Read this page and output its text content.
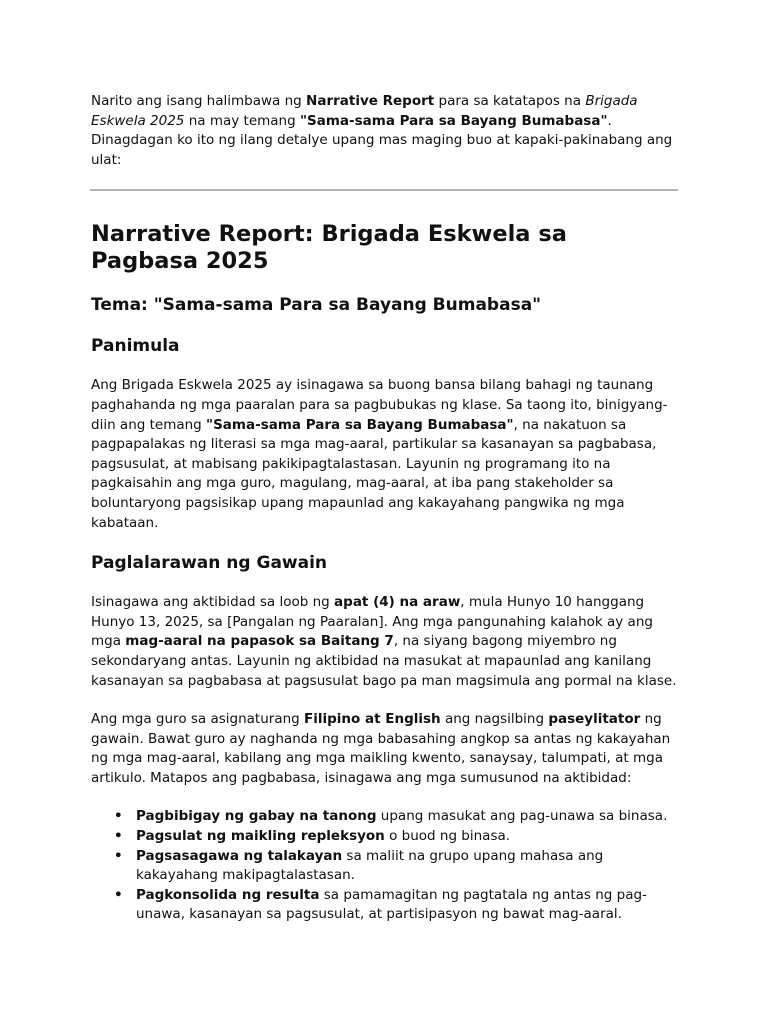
Narito ang isang halimbawa ng Narrative Report para sa katatapos na Brigada Eskwela 2025 na may temang "Sama-sama Para sa Bayang Bumabasa". Dinagdagan ko ito ng ilang detalye upang mas maging buo at kapaki-pakinabang ang ulat:

Narrative Report: Brigada Eskwela sa Pagbasa 2025
Tema: "Sama-sama Para sa Bayang Bumabasa"
Panimula

Ang Brigada Eskwela 2025 ay isinagawa sa buong bansa bilang bahagi ng taunang paghahanda ng mga paaralan para sa pagbubukas ng klase. Sa taong ito, binigyang-diin ang temang "Sama-sama Para sa Bayang Bumabasa", na nakatuon sa pagpapalakas ng literasi sa mga mag-aaral, partikular sa kasanayan sa pagbabasa, pagsusulat, at mabisang pakikipagtalastasan. Layunin ng programang ito na pagkaisahin ang mga guro, magulang, mag-aaral, at iba pang stakeholder sa boluntaryong pagsisikap upang mapaunlad ang kakayahang pangwika ng mga kabataan.

Paglalarawan ng Gawain

Isinagawa ang aktibidad sa loob ng apat (4) na araw, mula Hunyo 10 hanggang Hunyo 13, 2025, sa [Pangalan ng Paaralan]. Ang mga pangunahing kalahok ay ang mga mag-aaral na papasok sa Baitang 7, na siyang bagong miyembro ng sekondaryang antas. Layunin ng aktibidad na masukat at mapaunlad ang kanilang kasanayan sa pagbabasa at pagsusulat bago pa man magsimula ang pormal na klase.

Ang mga guro sa asignaturang Filipino at English ang nagsilbing paseylitator ng gawain. Bawat guro ay naghanda ng mga babasahing angkop sa antas ng kakayahan ng mga mag-aaral, kabilang ang mga maikling kwento, sanaysay, talumpati, at mga artikulo. Matapos ang pagbabasa, isinagawa ang mga sumusunod na aktibidad:

• Pagbibigay ng gabay na tanong upang masukat ang pag-unawa sa binasa.
• Pagsulat ng maikling repleksyon o buod ng binasa.
• Pagsasagawa ng talakayan sa maliit na grupo upang mahasa ang kakayahang makipagtalastasan.
• Pagkonsolida ng resulta sa pamamagitan ng pagtatala ng antas ng pag-unawa, kasanayan sa pagsusulat, at partisipasyon ng bawat mag-aaral.
